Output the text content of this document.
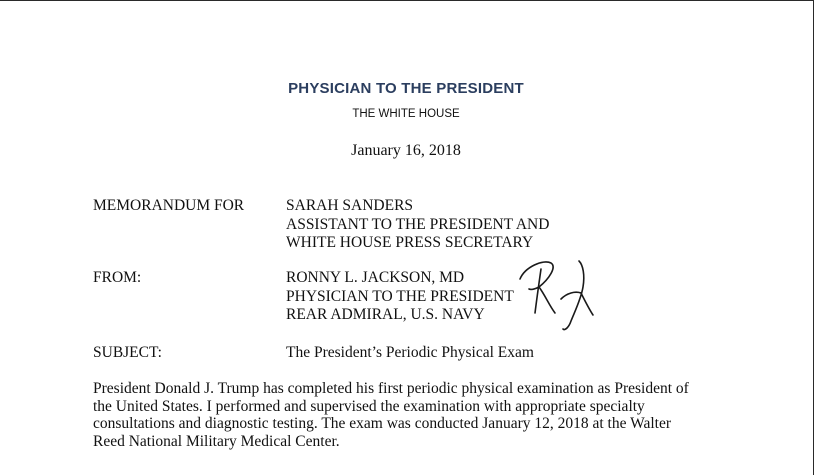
PHYSICIAN TO THE PRESIDENT
THE WHITE HOUSE
January 16, 2018
MEMORANDUM FOR	SARAH SANDERS
ASSISTANT TO THE PRESIDENT AND
WHITE HOUSE PRESS SECRETARY
FROM:	RONNY L. JACKSON, MD
PHYSICIAN TO THE PRESIDENT
REAR ADMIRAL, U.S. NAVY
SUBJECT:	The President’s Periodic Physical Exam
President Donald J. Trump has completed his first periodic physical examination as President of
the United States. I performed and supervised the examination with appropriate specialty
consultations and diagnostic testing. The exam was conducted January 12, 2018 at the Walter
Reed National Military Medical Center.
